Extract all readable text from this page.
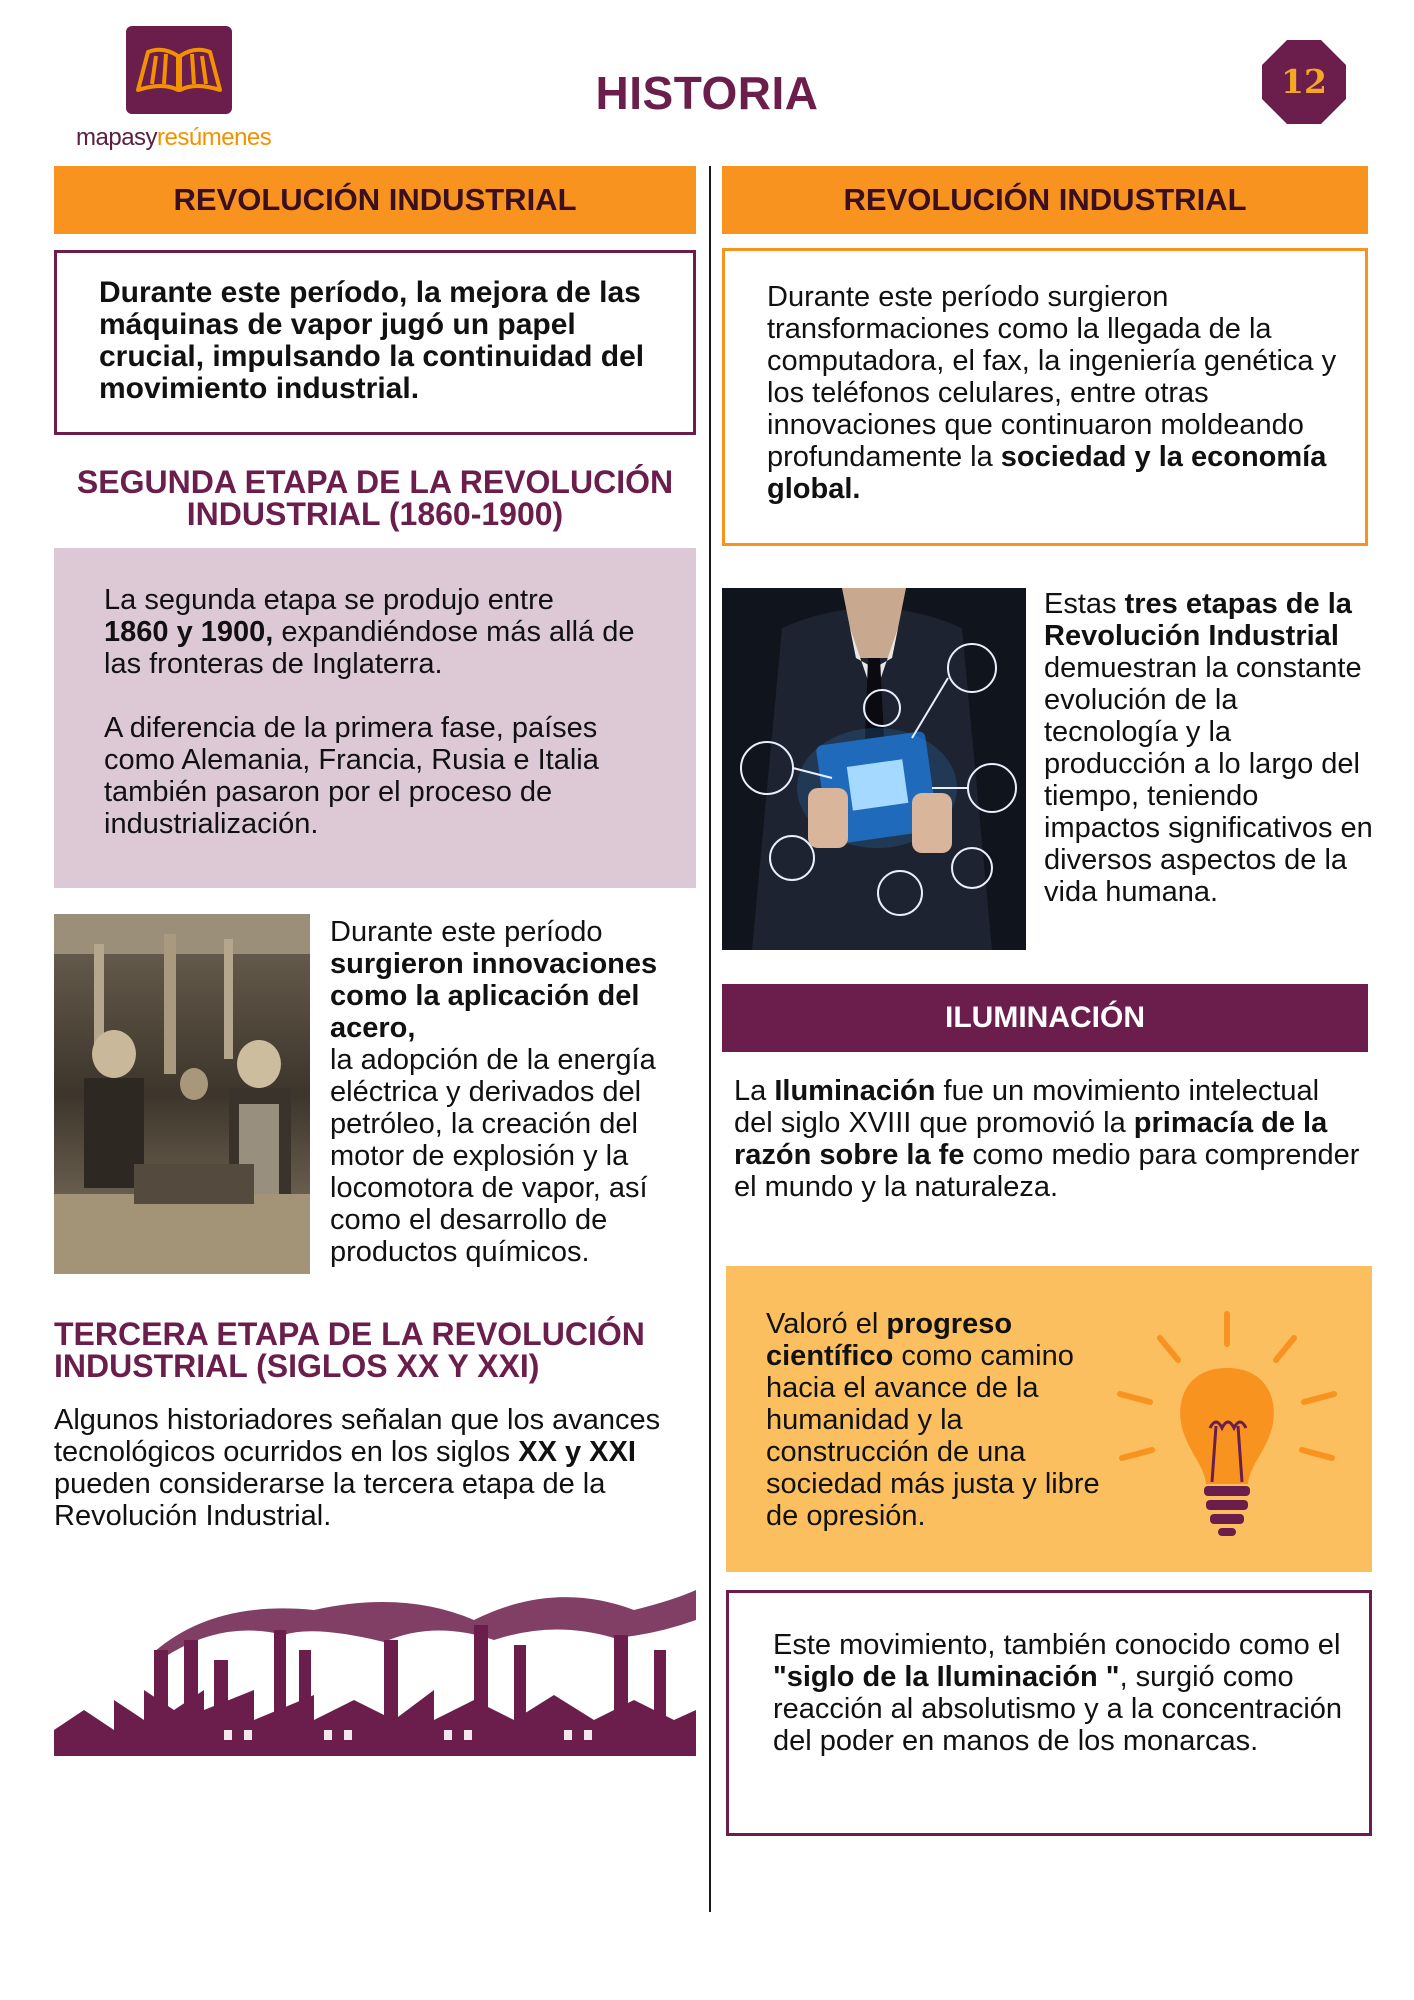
mapasyresúmenes
HISTORIA	12
REVOLUCIÓN INDUSTRIAL

Durante este período, la mejora de las máquinas de vapor jugó un papel crucial, impulsando la continuidad del movimiento industrial.

SEGUNDA ETAPA DE LA REVOLUCIÓN
INDUSTRIAL (1860-1900)

La segunda etapa se produjo entre
1860 y 1900, expandiéndose más allá de las fronteras de Inglaterra.

A diferencia de la primera fase, países como Alemania, Francia, Rusia e Italia también pasaron por el proceso de industrialización.

Durante este período
surgieron innovaciones como la aplicación del acero,
la adopción de la energía eléctrica y derivados del petróleo, la creación del motor de explosión y la locomotora de vapor, así como el desarrollo de productos químicos.

TERCERA ETAPA DE LA REVOLUCIÓN
INDUSTRIAL (SIGLOS XX Y XXI)

Algunos historiadores señalan que los avances tecnológicos ocurridos en los siglos XX y XXI pueden considerarse la tercera etapa de la Revolución Industrial.

REVOLUCIÓN INDUSTRIAL

Durante este período surgieron transformaciones como la llegada de la computadora, el fax, la ingeniería genética y los teléfonos celulares, entre otras innovaciones que continuaron moldeando profundamente la sociedad y la economía global.

Estas tres etapas de la Revolución Industrial demuestran la constante evolución de la tecnología y la producción a lo largo del tiempo, teniendo impactos significativos en diversos aspectos de la vida humana.

ILUMINACIÓN

La Iluminación fue un movimiento intelectual del siglo XVIII que promovió la primacía de la razón sobre la fe como medio para comprender el mundo y la naturaleza.

Valoró el progreso científico como camino hacia el avance de la humanidad y la construcción de una sociedad más justa y libre de opresión.

Este movimiento, también conocido como el "siglo de la Iluminación ", surgió como reacción al absolutismo y a la concentración del poder en manos de los monarcas.
